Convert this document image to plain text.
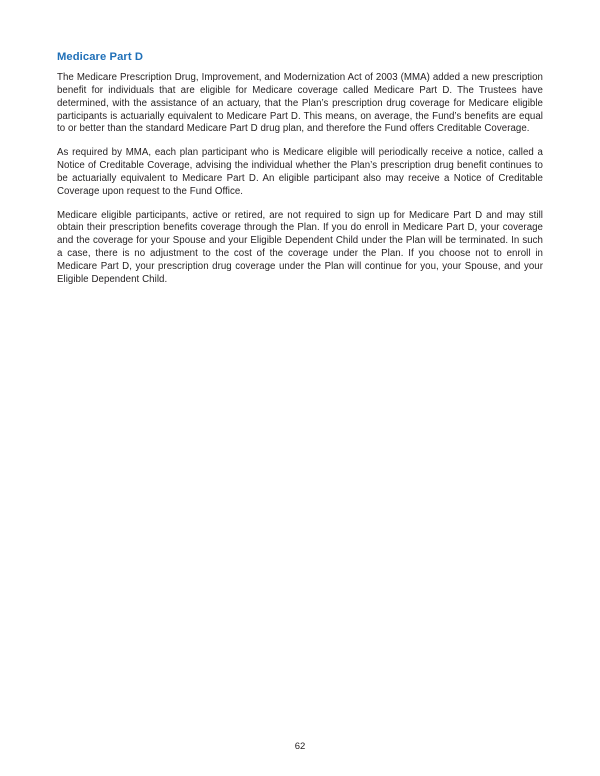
Medicare Part D

The Medicare Prescription Drug, Improvement, and Modernization Act of 2003 (MMA) added a new prescription benefit for individuals that are eligible for Medicare coverage called Medicare Part D. The Trustees have determined, with the assistance of an actuary, that the Plan’s prescription drug coverage for Medicare eligible participants is actuarially equivalent to Medicare Part D. This means, on average, the Fund’s benefits are equal to or better than the standard Medicare Part D drug plan, and therefore the Fund offers Creditable Coverage.

As required by MMA, each plan participant who is Medicare eligible will periodically receive a notice, called a Notice of Creditable Coverage, advising the individual whether the Plan’s prescription drug benefit continues to be actuarially equivalent to Medicare Part D. An eligible participant also may receive a Notice of Creditable Coverage upon request to the Fund Office.

Medicare eligible participants, active or retired, are not required to sign up for Medicare Part D and may still obtain their prescription benefits coverage through the Plan. If you do enroll in Medicare Part D, your coverage and the coverage for your Spouse and your Eligible Dependent Child under the Plan will be terminated. In such a case, there is no adjustment to the cost of the coverage under the Plan. If you choose not to enroll in Medicare Part D, your prescription drug coverage under the Plan will continue for you, your Spouse, and your Eligible Dependent Child.

62
